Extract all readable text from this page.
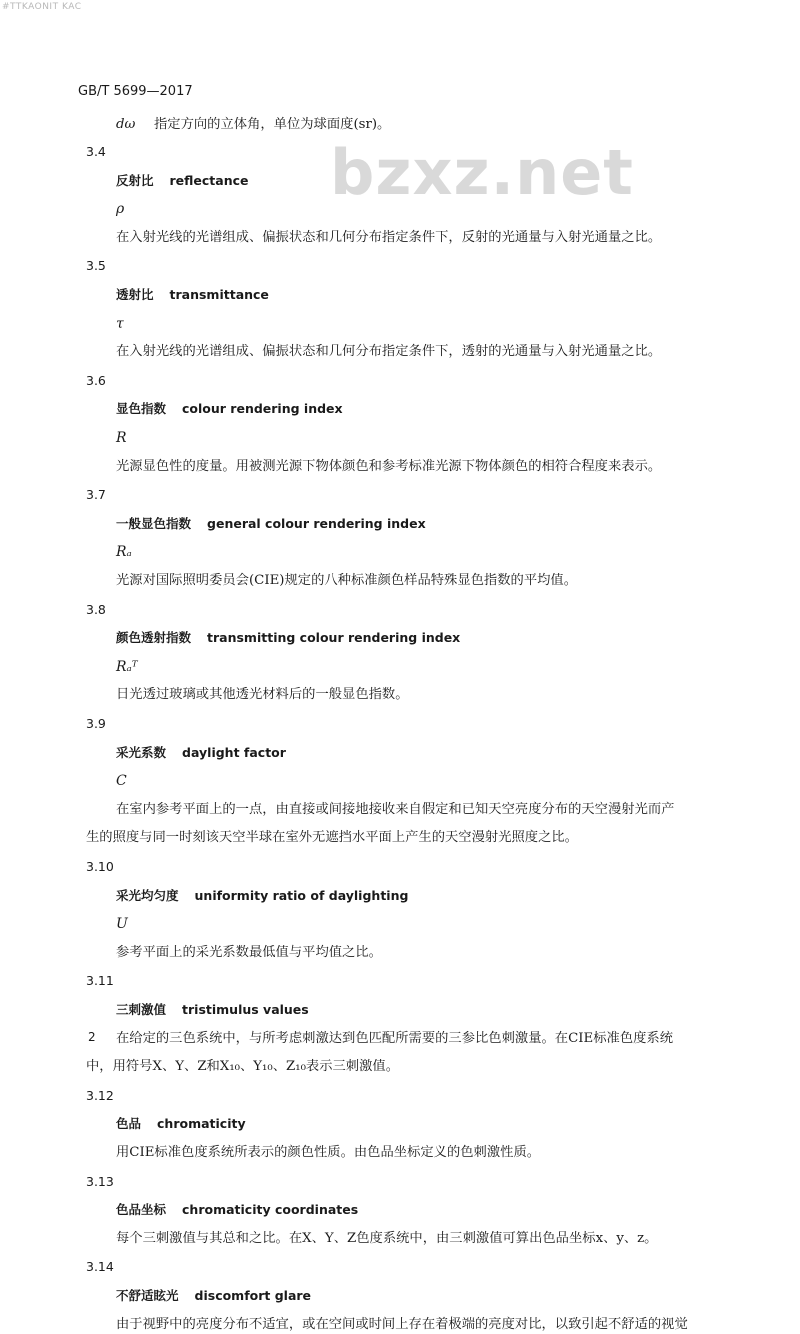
#TTKAONIT KAC
bzxz.net
GB/T 5699—2017
dω 指定方向的立体角，单位为球面度(sr)。
3.4
反射比 reflectance
ρ
在入射光线的光谱组成、偏振状态和几何分布指定条件下，反射的光通量与入射光通量之比。
3.5
透射比 transmittance
τ
在入射光线的光谱组成、偏振状态和几何分布指定条件下，透射的光通量与入射光通量之比。
3.6
显色指数 colour rendering index
R
光源显色性的度量。用被测光源下物体颜色和参考标准光源下物体颜色的相符合程度来表示。
3.7
一般显色指数 general colour rendering index
Rₐ
光源对国际照明委员会(CIE)规定的八种标准颜色样品特殊显色指数的平均值。
3.8
颜色透射指数 transmitting colour rendering index
Rₐᵀ
日光透过玻璃或其他透光材料后的一般显色指数。
3.9
采光系数 daylight factor
C
在室内参考平面上的一点，由直接或间接地接收来自假定和已知天空亮度分布的天空漫射光而产
生的照度与同一时刻该天空半球在室外无遮挡水平面上产生的天空漫射光照度之比。
3.10
采光均匀度 uniformity ratio of daylighting
U
参考平面上的采光系数最低值与平均值之比。
3.11
三刺激值 tristimulus values
在给定的三色系统中，与所考虑刺激达到色匹配所需要的三参比色刺激量。在CIE标准色度系统
中，用符号X、Y、Z和X₁₀、Y₁₀、Z₁₀表示三刺激值。
3.12
色品 chromaticity
用CIE标准色度系统所表示的颜色性质。由色品坐标定义的色刺激性质。
3.13
色品坐标 chromaticity coordinates
每个三刺激值与其总和之比。在X、Y、Z色度系统中，由三刺激值可算出色品坐标x、y、z。
3.14
不舒适眩光 discomfort glare
由于视野中的亮度分布不适宜，或在空间或时间上存在着极端的亮度对比，以致引起不舒适的视觉
2
